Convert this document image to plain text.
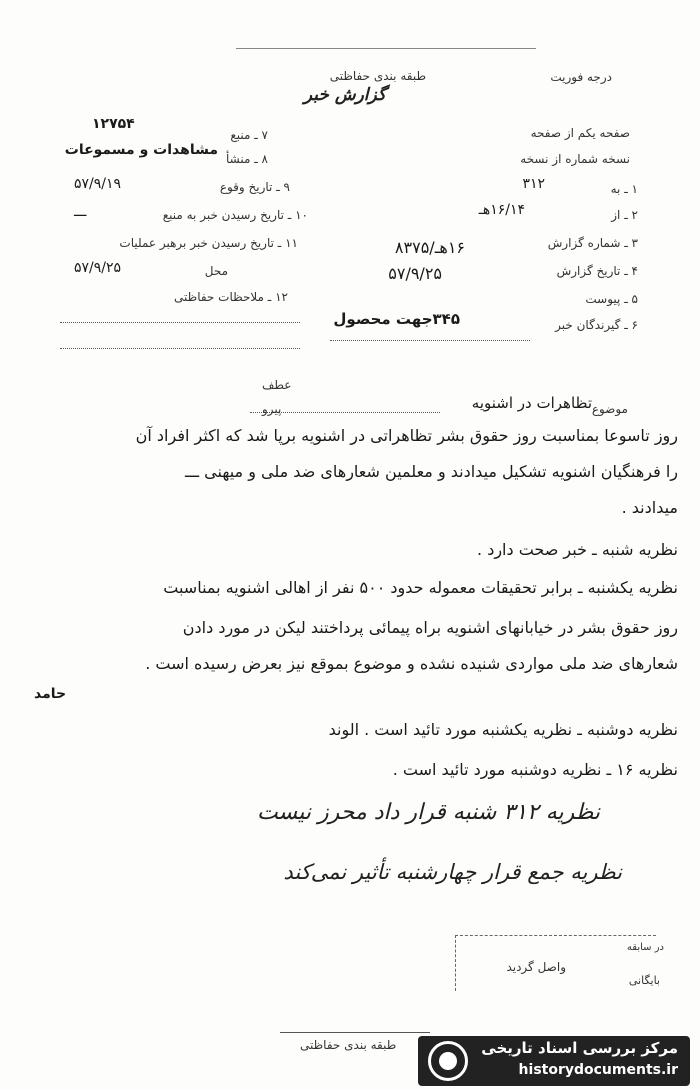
طبقه بندی حفاظتی
گزارش خبر
درجه فوریت
۱۲۷۵۴
۷ ـ منبع
مشاهدات و مسموعات
۸ ـ منشأ
۹ ـ تاریخ وقوع
۵۷/۹/۱۹
۱۰ ـ تاریخ رسیدن خبر به منبع
ـــ
۱۱ ـ تاریخ رسیدن خبر برهبر عملیات
محل
۵۷/۹/۲۵
۱۲ ـ ملاحظات حفاظتی
صفحه یکم از صفحه
نسخه شماره از نسخه
۱ ـ به
۳۱۲
۲ ـ از
۱۶/۱۴هـ
۳ ـ شماره گزارش
۱۶هـ/۸۳۷۵
۴ ـ تاریخ گزارش
۵۷/۹/۲۵
۵ ـ پیوست
۶ ـ گیرندگان خبر
۳۴۵جهت محصول
موضوع
تظاهرات در اشنویه
عطف
پیرو
روز تاسوعا بمناسبت روز حقوق بشر تظاهراتی در اشنویه برپا شد که اکثر افراد آن
را فرهنگیان اشنویه تشکیل میدادند و معلمین شعارهای ضد ملی و میهنی ـــ
میدادند .
نظریه شنبه ـ خبر صحت دارد .
نظریه یکشنبه ـ برابر تحقیقات معموله حدود ۵۰۰ نفر از اهالی اشنویه بمناسبت
روز حقوق بشر در خیابانهای اشنویه براه پیمائی پرداختند لیکن در مورد دادن
شعارهای ضد ملی مواردی شنیده نشده و موضوع بموقع نیز بعرض رسیده است .
حامد
نظریه دوشنبه ـ نظریه یکشنبه مورد تائید است . الوند
نظریه ۱۶ ـ نظریه دوشنبه مورد تائید است .
نظریه ۳۱۲ شنبه قرار داد محرز نیست
نظریه جمع قرار چهارشنبه تأثیر نمی‌کند
در سابقه
واصل گردید
بایگانی
طبقه بندی حفاظتی	مرکز بررسی اسناد تاریخی
historydocuments.ir
